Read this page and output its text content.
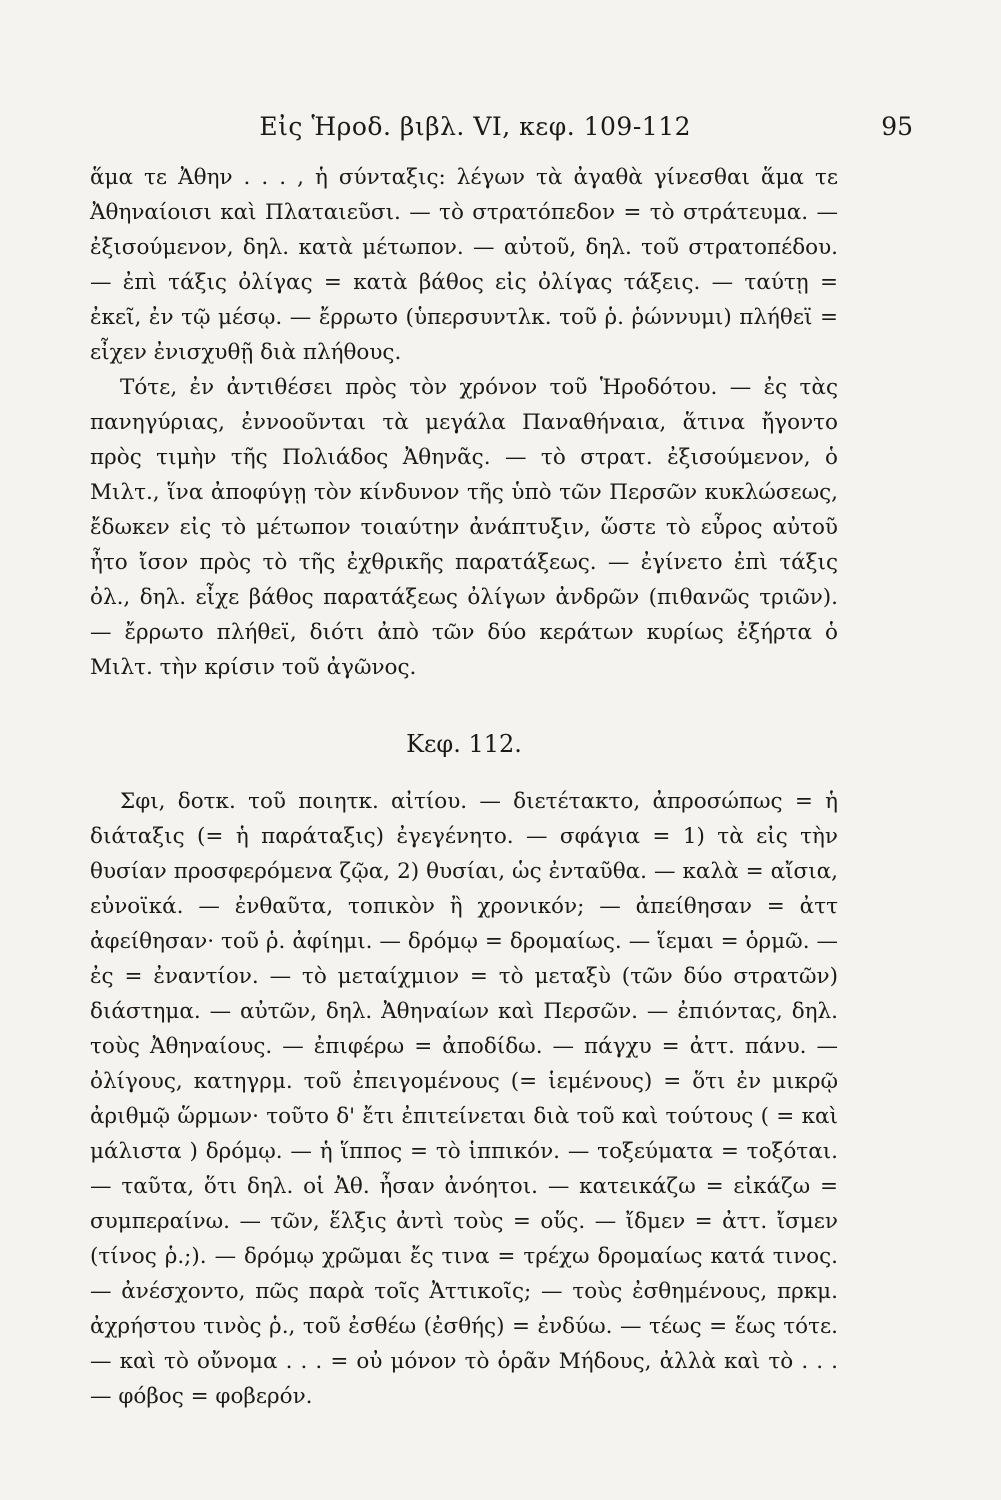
Εἰς Ἡροδ. βιβλ. VI, κεφ. 109-112	95

ἅμα τε Ἀθην . . . , ἡ σύνταξις: λέγων τὰ ἀγαθὰ γίνεσθαι ἅμα τε Ἀθηναίοισι καὶ Πλαταιεῦσι. — τὸ στρατόπεδον = τὸ στράτευμα. — ἐξισούμενον, δηλ. κατὰ μέτωπον. — αὐτοῦ, δηλ. τοῦ στρατοπέδου. — ἐπὶ τάξις ὀλίγας = κατὰ βάθος εἰς ὀλίγας τάξεις. — ταύτῃ = ἐκεῖ, ἐν τῷ μέσῳ. — ἔρρωτο (ὑπερσυντλκ. τοῦ ῥ. ῥώννυμι) πλήθεϊ = εἶχεν ἐνισχυθῇ διὰ πλήθους.

Τότε, ἐν ἀντιθέσει πρὸς τὸν χρόνον τοῦ Ἡροδότου. — ἐς τὰς πανηγύριας, ἐννοοῦνται τὰ μεγάλα Παναθήναια, ἅτινα ἤγοντο πρὸς τιμὴν τῆς Πολιάδος Ἀθηνᾶς. — τὸ στρατ. ἐξισούμενον, ὁ Μιλτ., ἵνα ἀποφύγῃ τὸν κίνδυνον τῆς ὑπὸ τῶν Περσῶν κυκλώσεως, ἔδωκεν εἰς τὸ μέτωπον τοιαύτην ἀνάπτυξιν, ὥστε τὸ εὖρος αὐτοῦ ἦτο ἴσον πρὸς τὸ τῆς ἐχθρικῆς παρατάξεως. — ἐγίνετο ἐπὶ τάξις ὀλ., δηλ. εἶχε βάθος παρατάξεως ὀλίγων ἀνδρῶν (πιθανῶς τριῶν). — ἔρρωτο πλήθεϊ, διότι ἀπὸ τῶν δύο κεράτων κυρίως ἐξήρτα ὁ Μιλτ. τὴν κρίσιν τοῦ ἀγῶνος.

Κεφ. 112.

Σφι, δοτκ. τοῦ ποιητκ. αἰτίου. — διετέτακτο, ἀπροσώπως = ἡ διάταξις (= ἡ παράταξις) ἐγεγένητο. — σφάγια = 1) τὰ εἰς τὴν θυσίαν προσφερόμενα ζῷα, 2) θυσίαι, ὡς ἐνταῦθα. — καλὰ = αἴσια, εὐνοϊκά. — ἐνθαῦτα, τοπικὸν ἢ χρονικόν; — ἀπείθησαν = ἀττ ἀφείθησαν· τοῦ ῥ. ἀφίημι. — δρόμῳ = δρομαίως. — ἵεμαι = ὁρμῶ. — ἐς = ἐναντίον. — τὸ μεταίχμιον = τὸ μεταξὺ (τῶν δύο στρατῶν) διάστημα. — αὐτῶν, δηλ. Ἀθηναίων καὶ Περσῶν. — ἐπιόντας, δηλ. τοὺς Ἀθηναίους. — ἐπιφέρω = ἀποδίδω. — πάγχυ = ἀττ. πάνυ. — ὀλίγους, κατηγρμ. τοῦ ἐπειγομένους (= ἱεμένους) = ὅτι ἐν μικρῷ ἀριθμῷ ὥρμων· τοῦτο δ' ἔτι ἐπιτείνεται διὰ τοῦ καὶ τούτους ( = καὶ μάλιστα ) δρόμῳ. — ἡ ἵππος = τὸ ἱππικόν. — τοξεύματα = τοξόται. — ταῦτα, ὅτι δηλ. οἱ Ἀθ. ἦσαν ἀνόητοι. — κατεικάζω = εἰκάζω = συμπεραίνω. — τῶν, ἕλξις ἀντὶ τοὺς = οὕς. — ἴδμεν = ἀττ. ἴσμεν (τίνος ῥ.;). — δρόμῳ χρῶμαι ἔς τινα = τρέχω δρομαίως κατά τινος. — ἀνέσχοντο, πῶς παρὰ τοῖς Ἀττικοῖς; — τοὺς ἐσθημένους, πρκμ. ἀχρήστου τινὸς ῥ., τοῦ ἐσθέω (ἐσθής) = ἐνδύω. — τέως = ἕως τότε. — καὶ τὸ οὔνομα . . . = οὐ μόνον τὸ ὁρᾶν Μήδους, ἀλλὰ καὶ τὸ . . . — φόβος = φοβερόν.
